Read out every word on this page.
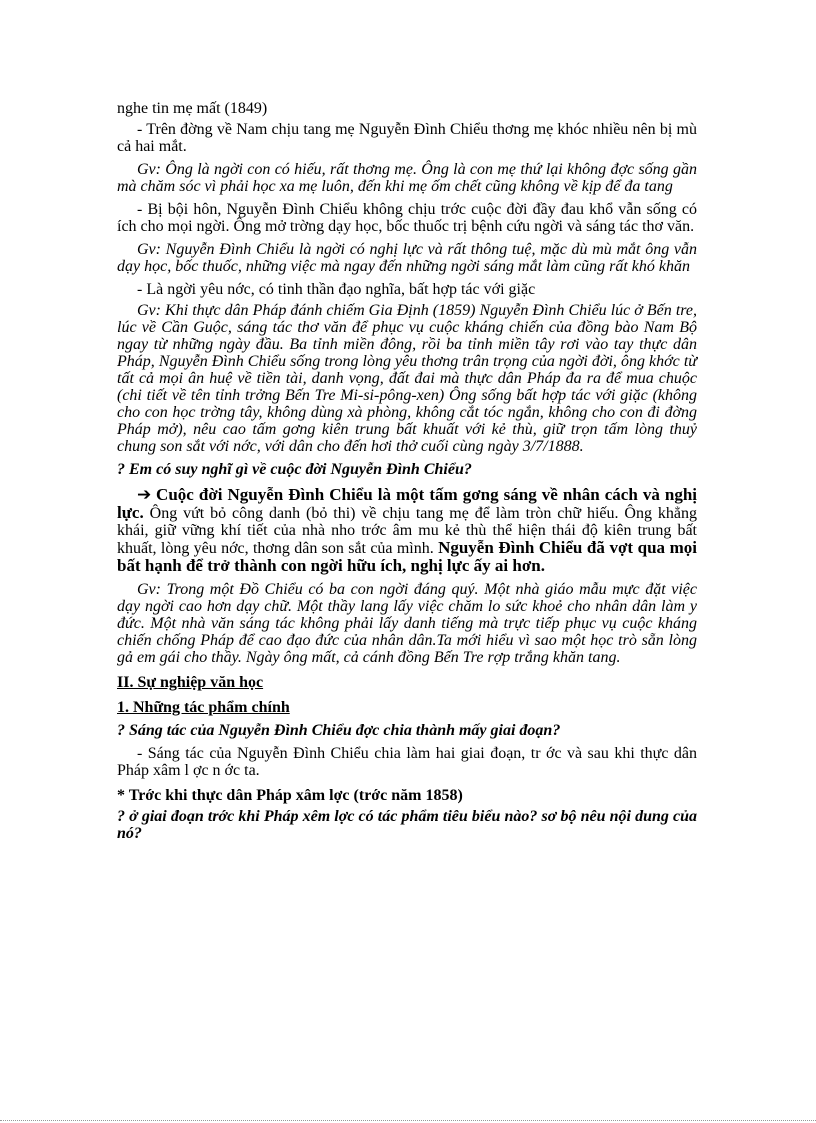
nghe tin mẹ mất (1849)

- Trên đờng về Nam chịu tang mẹ Nguyễn Đình Chiểu thơng mẹ khóc nhiều nên bị mù cả hai mắt.

Gv: Ông là ngời con có hiếu, rất thơng mẹ. Ông là con mẹ thứ lại không đợc sống gần mà chăm sóc vì phải học xa mẹ luôn, đến khi mẹ ốm chết cũng không về kịp để đa tang

- Bị bội hôn, Nguyễn Đình Chiểu không chịu trớc cuộc đời đầy đau khổ vẫn sống có ích cho mọi ngời. Ông mở trờng dạy học, bốc thuốc trị bệnh cứu ngời và sáng tác thơ văn.

Gv: Nguyễn Đình Chiểu là ngời có nghị lực và rất thông tuệ, mặc dù mù mắt ông vẫn dạy học, bốc thuốc, những việc mà ngay đến những ngời sáng mắt làm cũng rất khó khăn

- Là ngời yêu nớc, có tinh thần đạo nghĩa, bất hợp tác với giặc

Gv: Khi thực dân Pháp đánh chiếm Gia Định (1859) Nguyễn Đình Chiểu lúc ở Bến tre, lúc về Cần Guộc, sáng tác thơ văn để phục vụ cuộc kháng chiến của đồng bào Nam Bộ ngay từ những ngày đầu. Ba tỉnh miền đông, rồi ba tỉnh miền tây rơi vào tay thực dân Pháp, Nguyễn Đình Chiểu sống trong lòng yêu thơng trân trọng của ngời đời, ông khớc từ tất cả mọi ân huệ về tiền tài, danh vọng, đất đai mà thực dân Pháp đa ra để mua chuộc (chi tiết về tên tỉnh trởng Bến Tre Mi-si-pông-xen) Ông sống bất hợp tác với giặc (không cho con học trờng tây, không dùng xà phòng, không cắt tóc ngắn, không cho con đi đờng Pháp mở), nêu cao tấm gơng kiên trung bất khuất với kẻ thù, giữ trọn tấm lòng thuỷ chung son sắt với nớc, với dân cho đến hơi thở cuối cùng ngày 3/7/1888.

? Em có suy nghĩ gì về cuộc đời Nguyễn Đình Chiểu?

➔ Cuộc đời Nguyễn Đình Chiểu là một tấm gơng sáng về nhân cách và nghị lực. Ông vứt bỏ công danh (bỏ thi) về chịu tang mẹ để làm tròn chữ hiếu. Ông khẳng khái, giữ vững khí tiết của nhà nho trớc âm mu kẻ thù thể hiện thái độ kiên trung bất khuất, lòng yêu nớc, thơng dân son sắt của mình. Nguyễn Đình Chiểu đã vợt qua mọi bất hạnh để trở thành con ngời hữu ích, nghị lực ấy ai hơn.

Gv: Trong một Đồ Chiểu có ba con ngời đáng quý. Một nhà giáo mẫu mực đặt việc dạy ngời cao hơn dạy chữ. Một thầy lang lấy việc chăm lo sức khoẻ cho nhân dân làm y đức. Một nhà văn sáng tác không phải lấy danh tiếng mà trực tiếp phục vụ cuộc kháng chiến chống Pháp để cao đạo đức của nhân dân.Ta mới hiểu vì sao một học trò sẵn lòng gả em gái cho thầy. Ngày ông mất, cả cánh đồng Bến Tre rợp trắng khăn tang.

II. Sự nghiệp văn học

1. Những tác phẩm chính

? Sáng tác của Nguyễn Đình Chiểu đợc chia thành mấy giai đoạn?

- Sáng tác của Nguyễn Đình Chiểu chia làm hai giai đoạn, tr ớc và sau khi thực dân Pháp xâm l ợc n ớc ta.

* Trớc khi thực dân Pháp xâm lợc (trớc năm 1858)

? ở giai đoạn trớc khi Pháp xêm lợc có tác phẩm tiêu biểu nào? sơ bộ nêu nội dung của nó?
